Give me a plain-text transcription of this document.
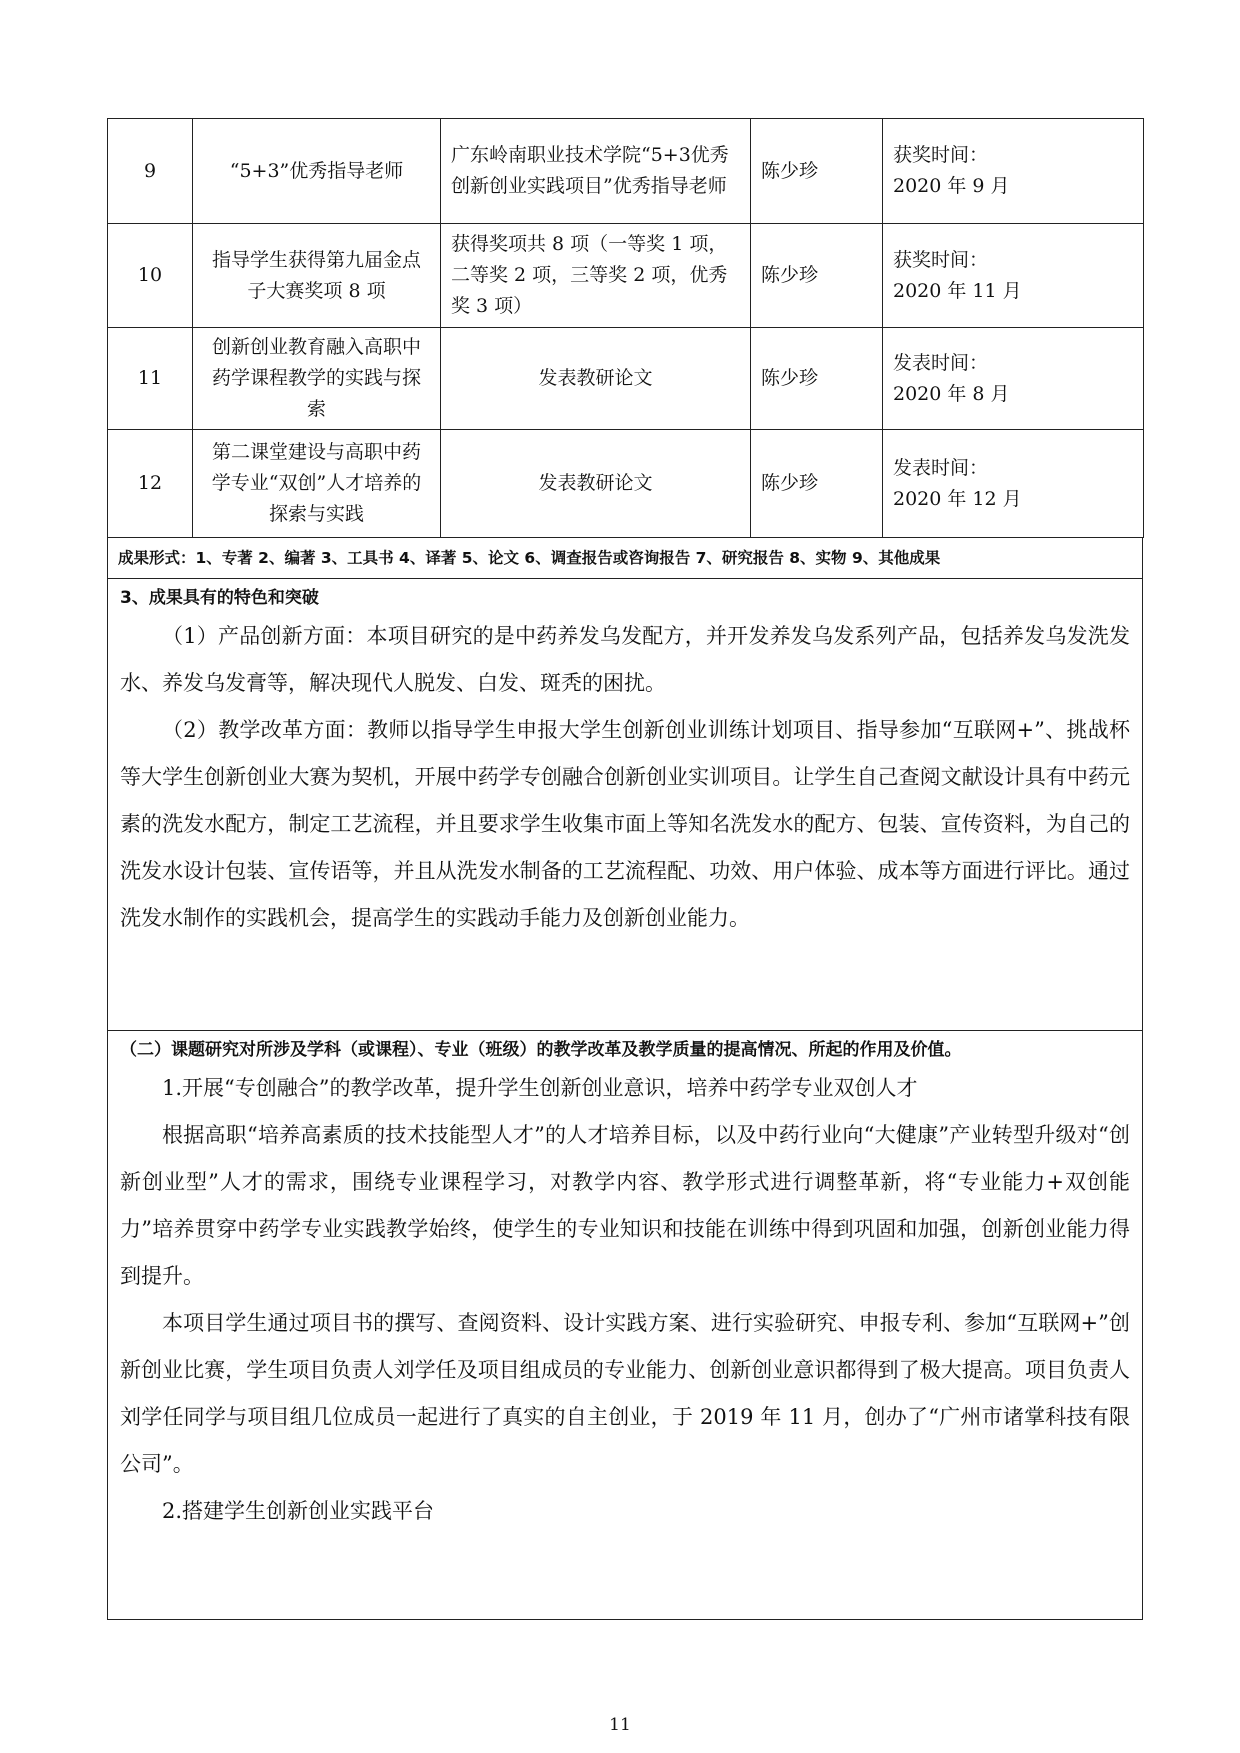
9	“5+3”优秀指导老师	广东岭南职业技术学院“5+3优秀创新创业实践项目”优秀指导老师	陈少珍	获奖时间：
2020 年 9 月

10	指导学生获得第九届金点子大赛奖项 8 项	获得奖项共 8 项（一等奖 1 项，二等奖 2 项，三等奖 2 项，优秀奖 3 项）	陈少珍	获奖时间：
2020 年 11 月

11	创新创业教育融入高职中药学课程教学的实践与探索	发表教研论文	陈少珍	发表时间：
2020 年 8 月

12	第二课堂建设与高职中药学专业“双创”人才培养的探索与实践	发表教研论文	陈少珍	发表时间：
2020 年 12 月
成果形式：1、专著 2、编著 3、工具书 4、译著 5、论文 6、调查报告或咨询报告 7、研究报告 8、实物 9、其他成果

3、成果具有的特色和突破

（1）产品创新方面：本项目研究的是中药养发乌发配方，并开发养发乌发系列产品，包括养发乌发洗发水、养发乌发膏等，解决现代人脱发、白发、斑秃的困扰。

（2）教学改革方面：教师以指导学生申报大学生创新创业训练计划项目、指导参加“互联网+”、挑战杯等大学生创新创业大赛为契机，开展中药学专创融合创新创业实训项目。让学生自己查阅文献设计具有中药元素的洗发水配方，制定工艺流程，并且要求学生收集市面上等知名洗发水的配方、包装、宣传资料，为自己的洗发水设计包装、宣传语等，并且从洗发水制备的工艺流程配、功效、用户体验、成本等方面进行评比。通过洗发水制作的实践机会，提高学生的实践动手能力及创新创业能力。

（二）课题研究对所涉及学科（或课程）、专业（班级）的教学改革及教学质量的提高情况、所起的作用及价值。

1.开展“专创融合”的教学改革，提升学生创新创业意识，培养中药学专业双创人才

根据高职“培养高素质的技术技能型人才”的人才培养目标，以及中药行业向“大健康”产业转型升级对“创新创业型”人才的需求，围绕专业课程学习，对教学内容、教学形式进行调整革新，将“专业能力+双创能力”培养贯穿中药学专业实践教学始终，使学生的专业知识和技能在训练中得到巩固和加强，创新创业能力得到提升。

本项目学生通过项目书的撰写、查阅资料、设计实践方案、进行实验研究、申报专利、参加“互联网+”创新创业比赛，学生项目负责人刘学任及项目组成员的专业能力、创新创业意识都得到了极大提高。项目负责人刘学任同学与项目组几位成员一起进行了真实的自主创业，于 2019 年 11 月，创办了“广州市诸掌科技有限公司”。

2.搭建学生创新创业实践平台

11
